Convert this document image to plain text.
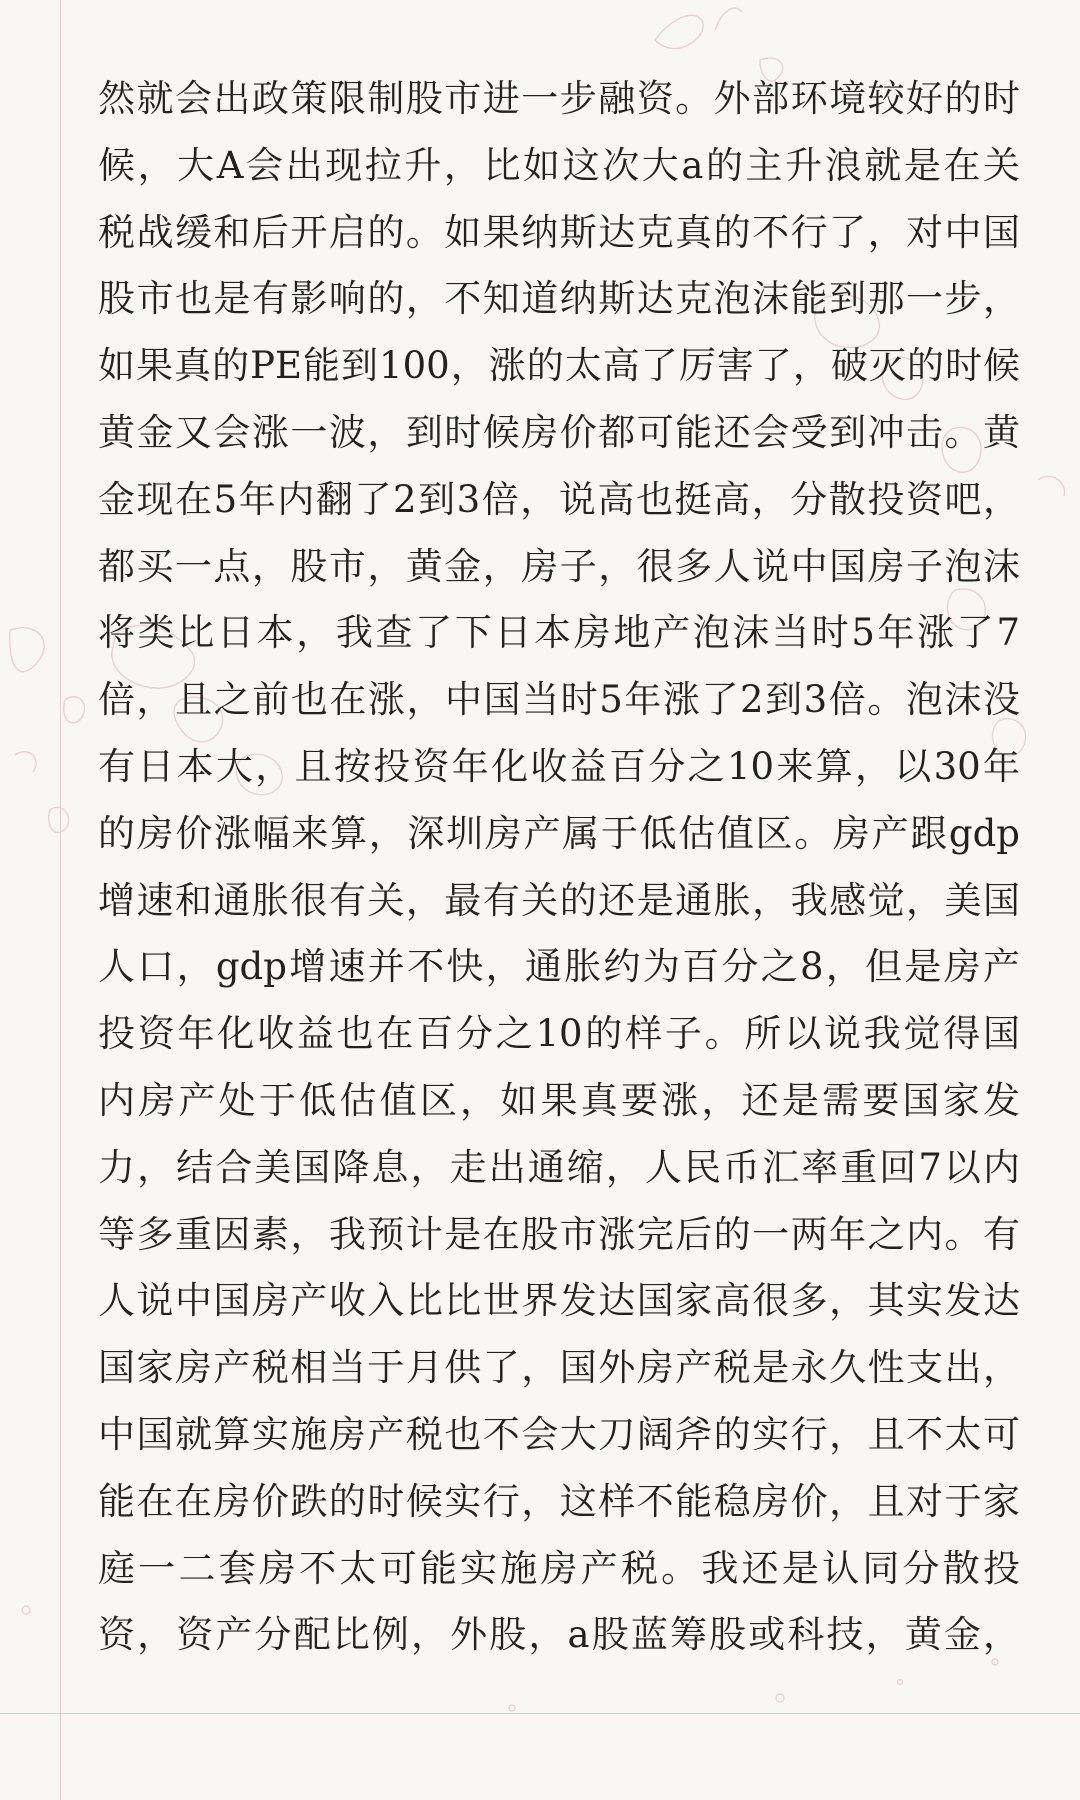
然就会出政策限制股市进一步融资。外部环境较好的时
候，大A会出现拉升，比如这次大a的主升浪就是在关
税战缓和后开启的。如果纳斯达克真的不行了，对中国
股市也是有影响的，不知道纳斯达克泡沫能到那一步，
如果真的PE能到100，涨的太高了厉害了，破灭的时候
黄金又会涨一波，到时候房价都可能还会受到冲击。黄
金现在5年内翻了2到3倍，说高也挺高，分散投资吧，
都买一点，股市，黄金，房子，很多人说中国房子泡沫
将类比日本，我查了下日本房地产泡沫当时5年涨了7
倍，且之前也在涨，中国当时5年涨了2到3倍。泡沫没
有日本大，且按投资年化收益百分之10来算，以30年
的房价涨幅来算，深圳房产属于低估值区。房产跟gdp
增速和通胀很有关，最有关的还是通胀，我感觉，美国
人口，gdp增速并不快，通胀约为百分之8，但是房产
投资年化收益也在百分之10的样子。所以说我觉得国
内房产处于低估值区，如果真要涨，还是需要国家发
力，结合美国降息，走出通缩，人民币汇率重回7以内
等多重因素，我预计是在股市涨完后的一两年之内。有
人说中国房产收入比比世界发达国家高很多，其实发达
国家房产税相当于月供了，国外房产税是永久性支出，
中国就算实施房产税也不会大刀阔斧的实行，且不太可
能在在房价跌的时候实行，这样不能稳房价，且对于家
庭一二套房不太可能实施房产税。我还是认同分散投
资，资产分配比例，外股，a股蓝筹股或科技，黄金，
